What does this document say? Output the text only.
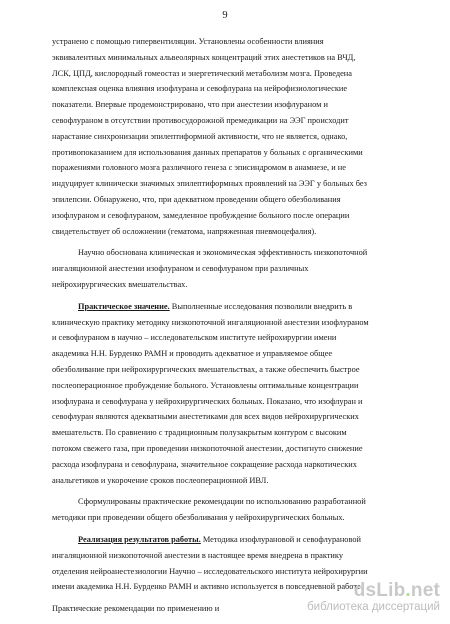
9

устранено с помощью гипервентиляции. Установлены особенности влияния
эквивалентных минимальных альвеолярных концентраций этих анестетиков на ВЧД,
ЛСК, ЦПД, кислородный гомеостаз и энергетический метаболизм мозга. Проведена
комплексная оценка влияния изофлурана и севофлурана на нейрофизиологические
показатели. Впервые продемонстрировано, что при анестезии изофлураном и
севофлураном в отсутствии противосудорожной премедикации на ЭЭГ происходит
нарастание синхронизации эпилептиформной активности, что не является, однако,
противопоказанием для использования данных препаратов у больных с органическими
поражениями головного мозга различного генеза с эписиндромом в анамнезе, и не
индуцирует клинически значимых эпилептиформных проявлений на ЭЭГ у больных без
эпилепсии. Обнаружено, что, при адекватном проведении общего обезболивания
изофлураном и севофлураном, замедленное пробуждение больного после операции
свидетельствует об осложнении (гематома, напряженная пневмоцефалия).

Научно обоснована клиническая и экономическая эффективность низкопоточной
ингаляционной анестезии изофлураном и севофлураном при различных
нейрохирургических вмешательствах.

Практическое значение. Выполненные исследования позволили внедрить в
клиническую практику методику низкопоточной ингаляционной анестезии изофлураном
и севофлураном в научно – исследовательском институте нейрохирургии имени
академика Н.Н. Бурденко РАМН и проводить адекватное и управляемое общее
обезболивание при нейрохирургических вмешательствах, а также обеспечить быстрое
послеоперационное пробуждение больного. Установлены оптимальные концентрации
изофлурана и севофлурана у нейрохирургических больных. Показано, что изофлуран и
севофлуран являются адекватными анестетиками для всех видов нейрохирургических
вмешательств. По сравнению с традиционным полузакрытым контуром с высоким
потоком свежего газа, при проведении низкопоточной анестезии, достигнуто снижение
расхода изофлурана и севофлурана, значительное сокращение расхода наркотических
анальгетиков и укорочение сроков послеоперационной ИВЛ.

Сформулированы практические рекомендации по использованию разработанной
методики при проведении общего обезболивания у нейрохирургических больных.

Реализация результатов работы. Методика изофлурановой и севофлурановой
ингаляционной низкопоточной анестезии в настоящее время внедрена в практику
отделения нейроанестезиологии Научно – исследовательского института нейрохирургии
имени академика Н.Н. Бурденко РАМН и активно используется в повседневной работе.

Практические рекомендации по применению и

dsLib.net
библиотека диссертаций
